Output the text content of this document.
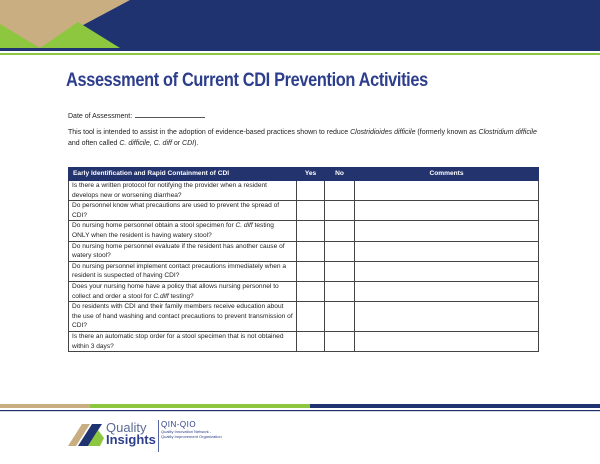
Assessment of Current CDI Prevention Activities
Date of Assessment:

This tool is intended to assist in the adoption of evidence-based practices shown to reduce Clostridioides difficile (formerly known as Clostridium difficile and often called C. difficile, C. diff or CDI).

Early Identification and Rapid Containment of CDI	Yes	No	Comments
Is there a written protocol for notifying the provider when a resident develops new or worsening diarrhea?			
Do personnel know what precautions are used to prevent the spread of CDI?			
Do nursing home personnel obtain a stool specimen for C. diff testing ONLY when the resident is having watery stool?			
Do nursing home personnel evaluate if the resident has another cause of watery stool?			
Do nursing personnel implement contact precautions immediately when a resident is suspected of having CDI?			
Does your nursing home have a policy that allows nursing personnel to collect and order a stool for C.diff testing?			
Do residents with CDI and their family members receive education about the use of hand washing and contact precautions to prevent transmission of CDI?			
Is there an automatic stop order for a stool specimen that is not obtained within 3 days?			
Quality
Insights
QIN-QIO
Quality Innovation Network -
Quality Improvement Organization
